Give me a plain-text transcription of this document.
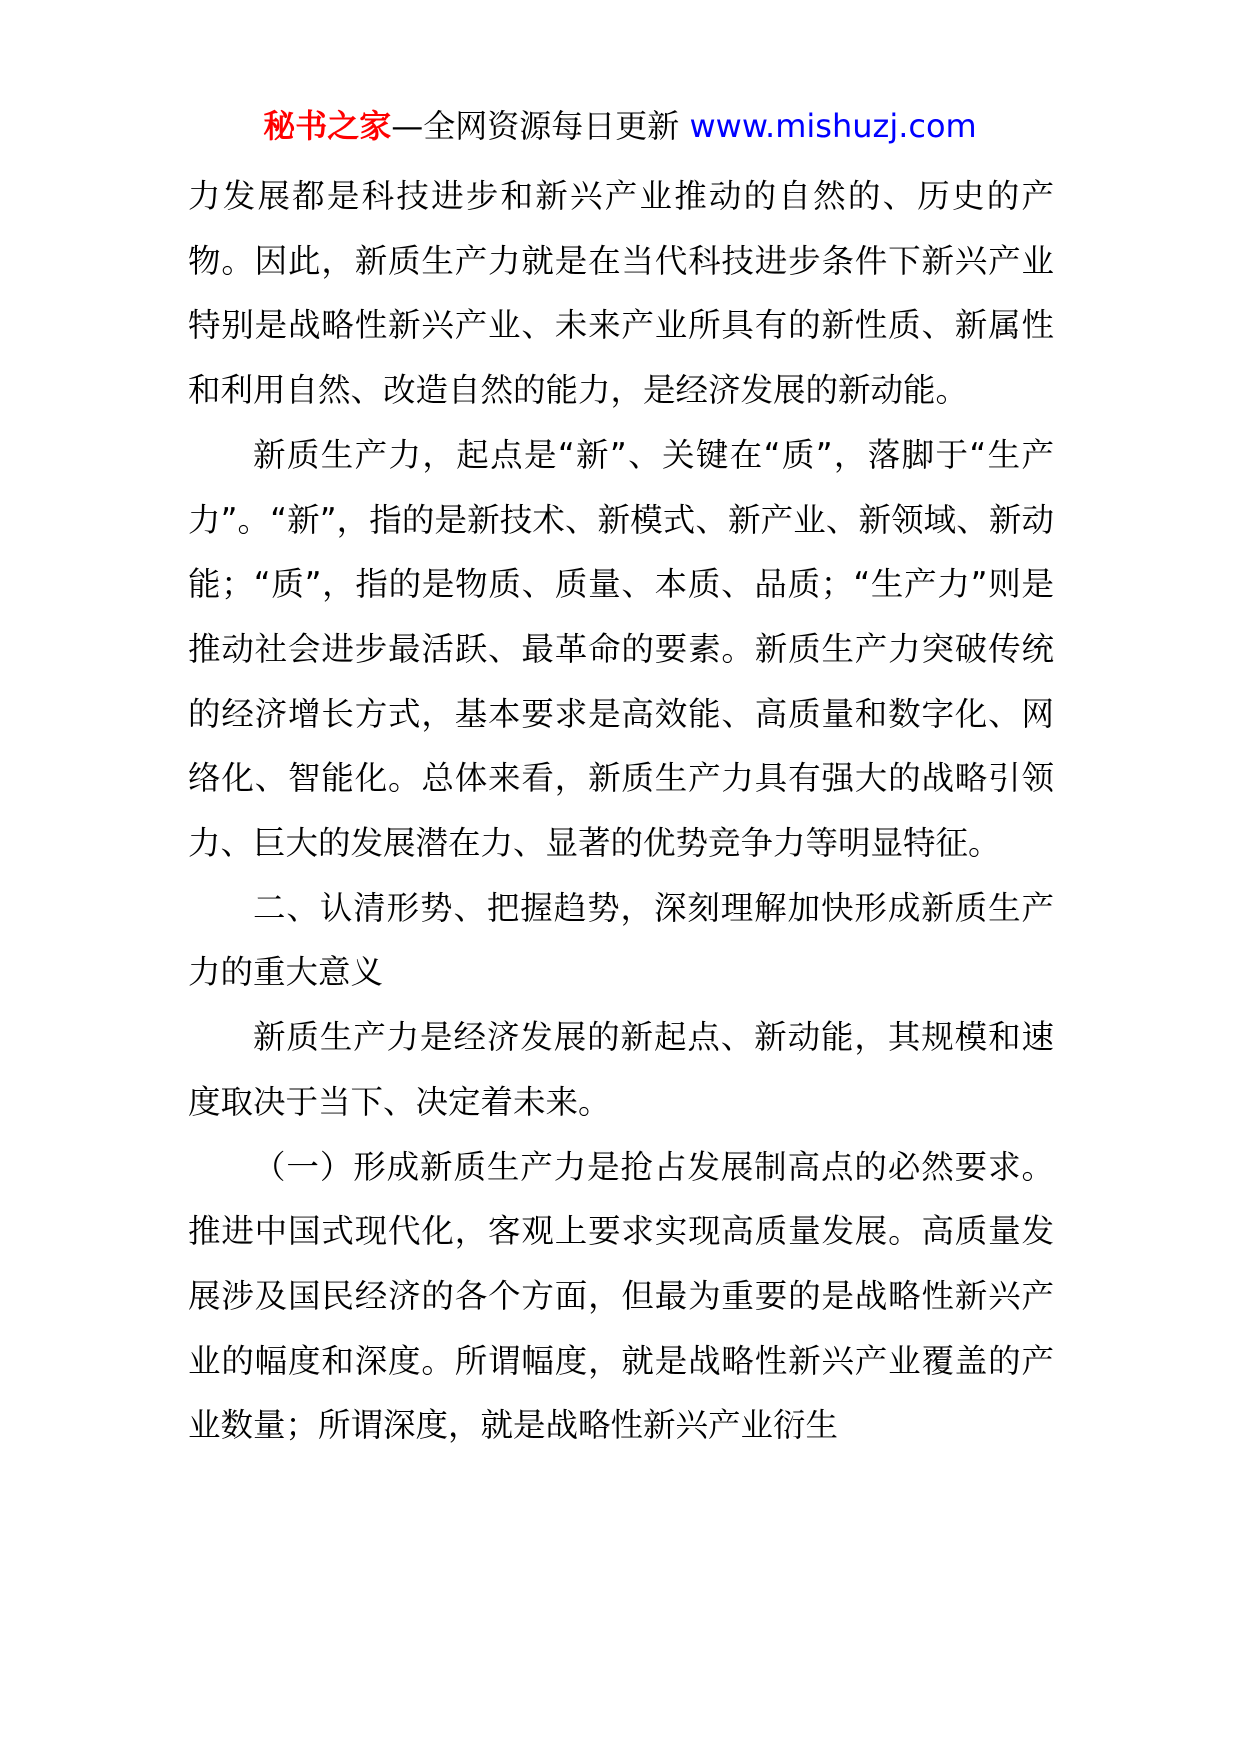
秘书之家—全网资源每日更新 www.mishuzj.com

力发展都是科技进步和新兴产业推动的自然的、历史的产物。因此，新质生产力就是在当代科技进步条件下新兴产业特别是战略性新兴产业、未来产业所具有的新性质、新属性和利用自然、改造自然的能力，是经济发展的新动能。

新质生产力，起点是“新”、关键在“质”，落脚于“生产力”。“新”，指的是新技术、新模式、新产业、新领域、新动能；“质”，指的是物质、质量、本质、品质；“生产力”则是推动社会进步最活跃、最革命的要素。新质生产力突破传统的经济增长方式，基本要求是高效能、高质量和数字化、网络化、智能化。总体来看，新质生产力具有强大的战略引领力、巨大的发展潜在力、显著的优势竞争力等明显特征。

二、认清形势、把握趋势，深刻理解加快形成新质生产力的重大意义

新质生产力是经济发展的新起点、新动能，其规模和速度取决于当下、决定着未来。

（一）形成新质生产力是抢占发展制高点的必然要求。推进中国式现代化，客观上要求实现高质量发展。高质量发展涉及国民经济的各个方面，但最为重要的是战略性新兴产业的幅度和深度。所谓幅度，就是战略性新兴产业覆盖的产业数量；所谓深度，就是战略性新兴产业衍生
